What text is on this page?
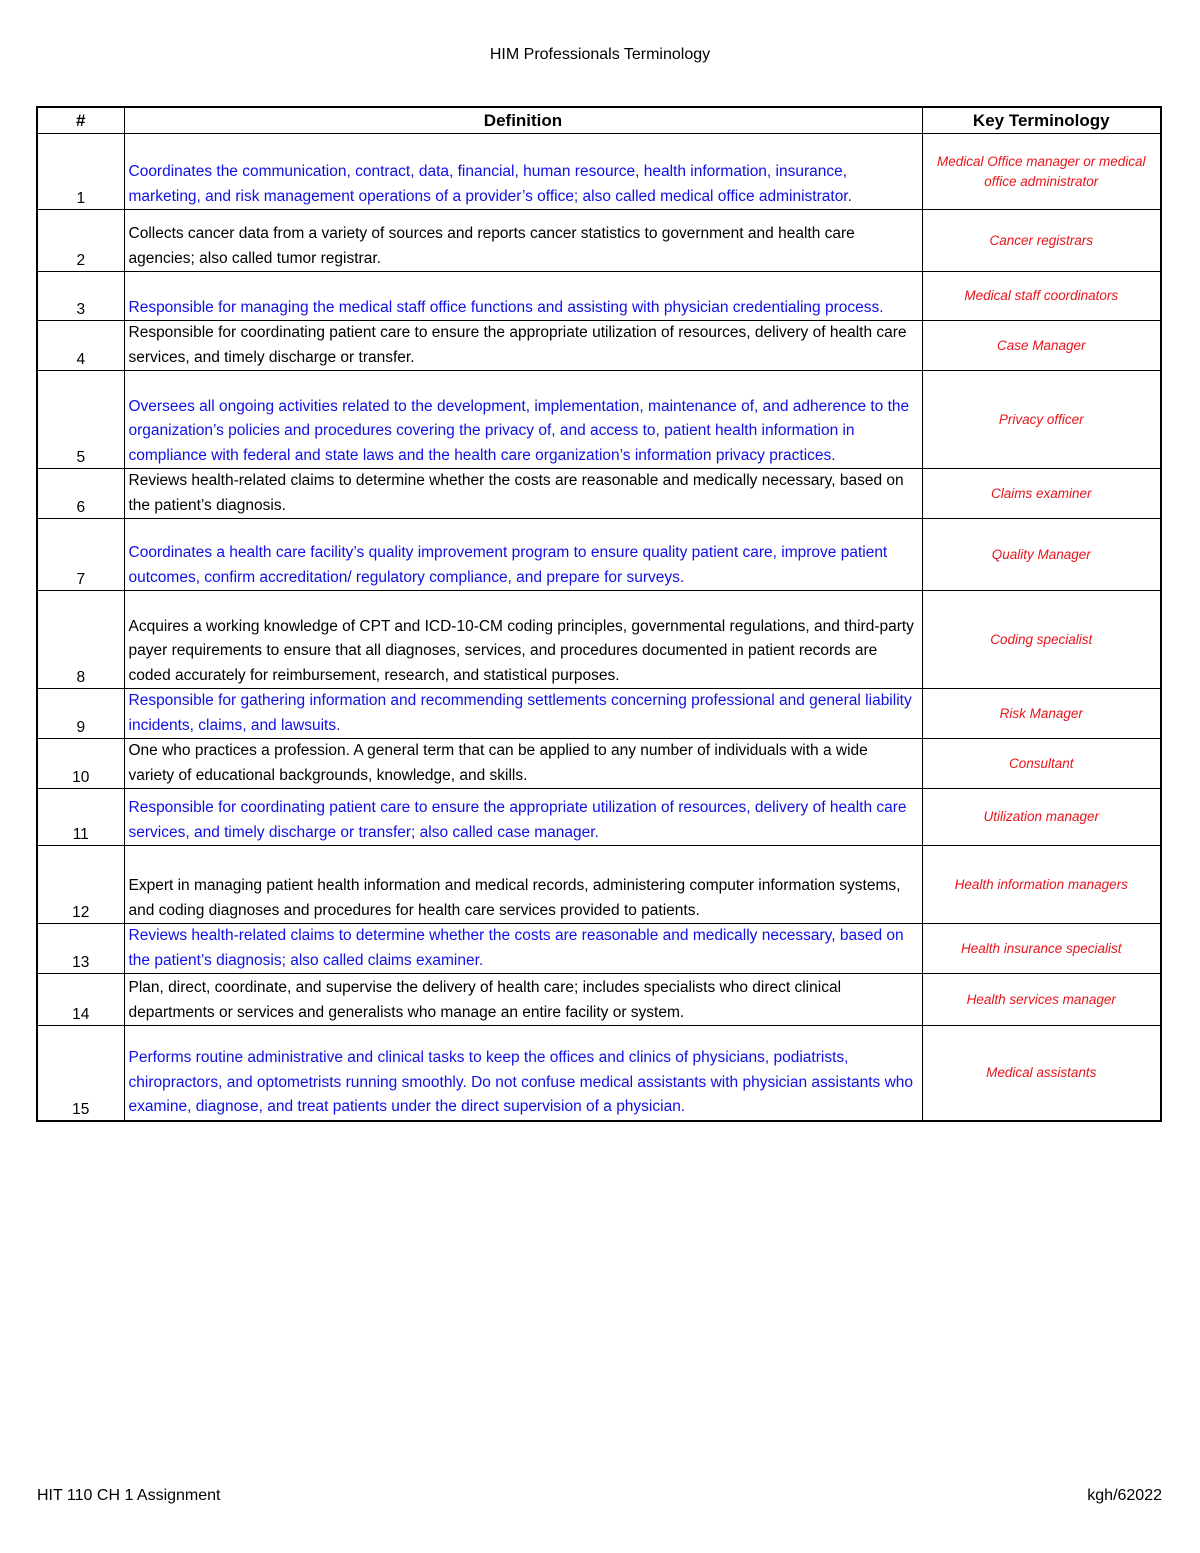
HIM Professionals Terminology
#	Definition	Key Terminology
1	Coordinates the communication, contract, data, financial, human resource, health information, insurance, marketing, and risk management operations of a provider’s office; also called medical office administrator.	Medical Office manager or medical office administrator
2	Collects cancer data from a variety of sources and reports cancer statistics to government and health care agencies; also called tumor registrar.	Cancer registrars
3	Responsible for managing the medical staff office functions and assisting with physician credentialing process.	Medical staff coordinators
4	Responsible for coordinating patient care to ensure the appropriate utilization of resources, delivery of health care services, and timely discharge or transfer.	Case Manager
5	Oversees all ongoing activities related to the development, implementation, maintenance of, and adherence to the organization’s policies and procedures covering the privacy of, and access to, patient health information in compliance with federal and state laws and the health care organization’s information privacy practices.	Privacy officer
6	Reviews health-related claims to determine whether the costs are reasonable and medically necessary, based on the patient’s diagnosis.	Claims examiner
7	Coordinates a health care facility’s quality improvement program to ensure quality patient care, improve patient outcomes, confirm accreditation/ regulatory compliance, and prepare for surveys.	Quality Manager
8	Acquires a working knowledge of CPT and ICD-10-CM coding principles, governmental regulations, and third-party payer requirements to ensure that all diagnoses, services, and procedures documented in patient records are coded accurately for reimbursement, research, and statistical purposes.	Coding specialist
9	Responsible for gathering information and recommending settlements concerning professional and general liability incidents, claims, and lawsuits.	Risk Manager
10	One who practices a profession. A general term that can be applied to any number of individuals with a wide variety of educational backgrounds, knowledge, and skills.	Consultant
11	Responsible for coordinating patient care to ensure the appropriate utilization of resources, delivery of health care services, and timely discharge or transfer; also called case manager.	Utilization manager
12	Expert in managing patient health information and medical records, administering computer information systems, and coding diagnoses and procedures for health care services provided to patients.	Health information managers
13	Reviews health-related claims to determine whether the costs are reasonable and medically necessary, based on the patient’s diagnosis; also called claims examiner.	Health insurance specialist
14	Plan, direct, coordinate, and supervise the delivery of health care; includes specialists who direct clinical departments or services and generalists who manage an entire facility or system.	Health services manager
15	Performs routine administrative and clinical tasks to keep the offices and clinics of physicians, podiatrists, chiropractors, and optometrists running smoothly. Do not confuse medical assistants with physician assistants who examine, diagnose, and treat patients under the direct supervision of a physician.	Medical assistants
HIT 110 CH 1 Assignment	kgh/62022
